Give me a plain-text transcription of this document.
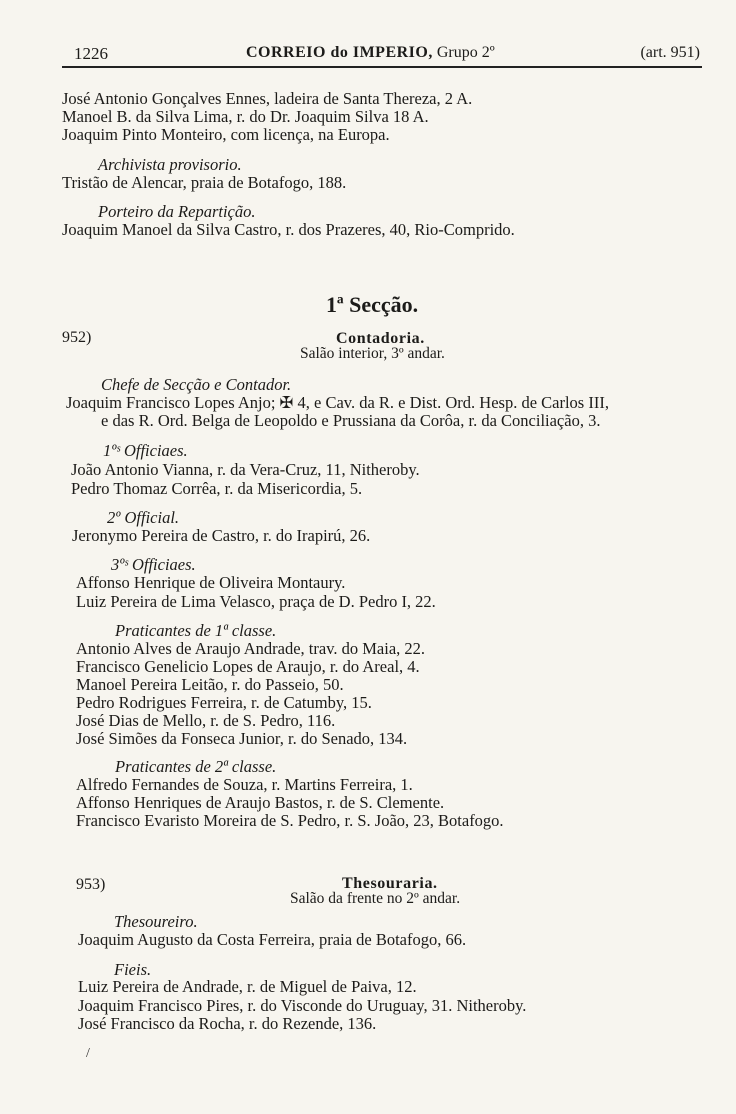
1226	CORREIO do IMPERIO, Grupo 2º	(art. 951)
José Antonio Gonçalves Ennes, ladeira de Santa Thereza, 2 A.
Manoel B. da Silva Lima, r. do Dr. Joaquim Silva 18 A.
Joaquim Pinto Monteiro, com licença, na Europa.
Archivista provisorio.
Tristão de Alencar, praia de Botafogo, 188.
Porteiro da Repartição.
Joaquim Manoel da Silva Castro, r. dos Prazeres, 40, Rio-Comprido.
1ª Secção.
952)	Contadoria.
Salão interior, 3º andar.
Chefe de Secção e Contador.
Joaquim Francisco Lopes Anjo; ✠ 4, e Cav. da R. e Dist. Ord. Hesp. de Carlos III,
e das R. Ord. Belga de Leopoldo e Prussiana da Corôa, r. da Conciliação, 3.
1ºˢ Officiaes.
João Antonio Vianna, r. da Vera-Cruz, 11, Nitheroby.
Pedro Thomaz Corrêa, r. da Misericordia, 5.
2º Official.
Jeronymo Pereira de Castro, r. do Irapirú, 26.
3ºˢ Officiaes.
Affonso Henrique de Oliveira Montaury.
Luiz Pereira de Lima Velasco, praça de D. Pedro I, 22.
Praticantes de 1ª classe.
Antonio Alves de Araujo Andrade, trav. do Maia, 22.
Francisco Genelicio Lopes de Araujo, r. do Areal, 4.
Manoel Pereira Leitão, r. do Passeio, 50.
Pedro Rodrigues Ferreira, r. de Catumby, 15.
José Dias de Mello, r. de S. Pedro, 116.
José Simões da Fonseca Junior, r. do Senado, 134.
Praticantes de 2ª classe.
Alfredo Fernandes de Souza, r. Martins Ferreira, 1.
Affonso Henriques de Araujo Bastos, r. de S. Clemente.
Francisco Evaristo Moreira de S. Pedro, r. S. João, 23, Botafogo.
953)	Thesouraria.
Salão da frente no 2º andar.
Thesoureiro.
Joaquim Augusto da Costa Ferreira, praia de Botafogo, 66.
Fieis.
Luiz Pereira de Andrade, r. de Miguel de Paiva, 12.
Joaquim Francisco Pires, r. do Visconde do Uruguay, 31. Nitheroby.
José Francisco da Rocha, r. do Rezende, 136.
/
